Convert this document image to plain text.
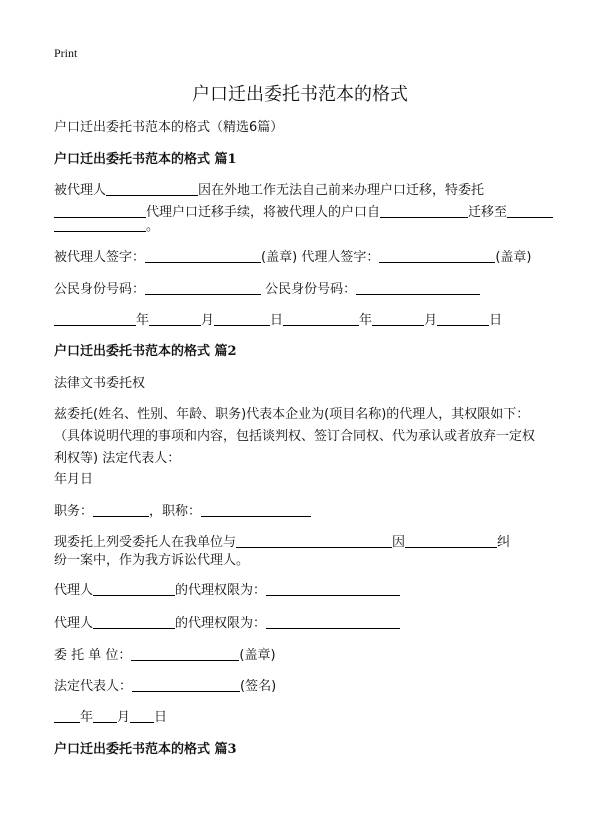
Print
户口迁出委托书范本的格式
户口迁出委托书范本的格式（精选6篇）
户口迁出委托书范本的格式 篇1
被代理人	因在外地工作无法自己前来办理户口迁移，特委托
代理户口迁移手续，将被代理人的户口自	迁移至
。
被代理人签字：	(盖章) 代理人签字：	(盖章)
公民身份号码：	公民身份号码：
年	月	日	年	月	日
户口迁出委托书范本的格式 篇2
法律文书委托权
兹委托(姓名、性别、年龄、职务)代表本企业为(项目名称)的代理人，其权限如下：（具体说明代理的事项和内容，包括谈判权、签订合同权、代为承认或者放弃一定权利权等) 法定代表人：
年月日
职务：	，职称：
现委托上列受委托人在我单位与	因	纠
纷一案中，作为我方诉讼代理人。
代理人	的代理权限为：
代理人	的代理权限为：
委 托 单 位：	(盖章)
法定代表人：	(签名)
年 月 日
户口迁出委托书范本的格式 篇3
